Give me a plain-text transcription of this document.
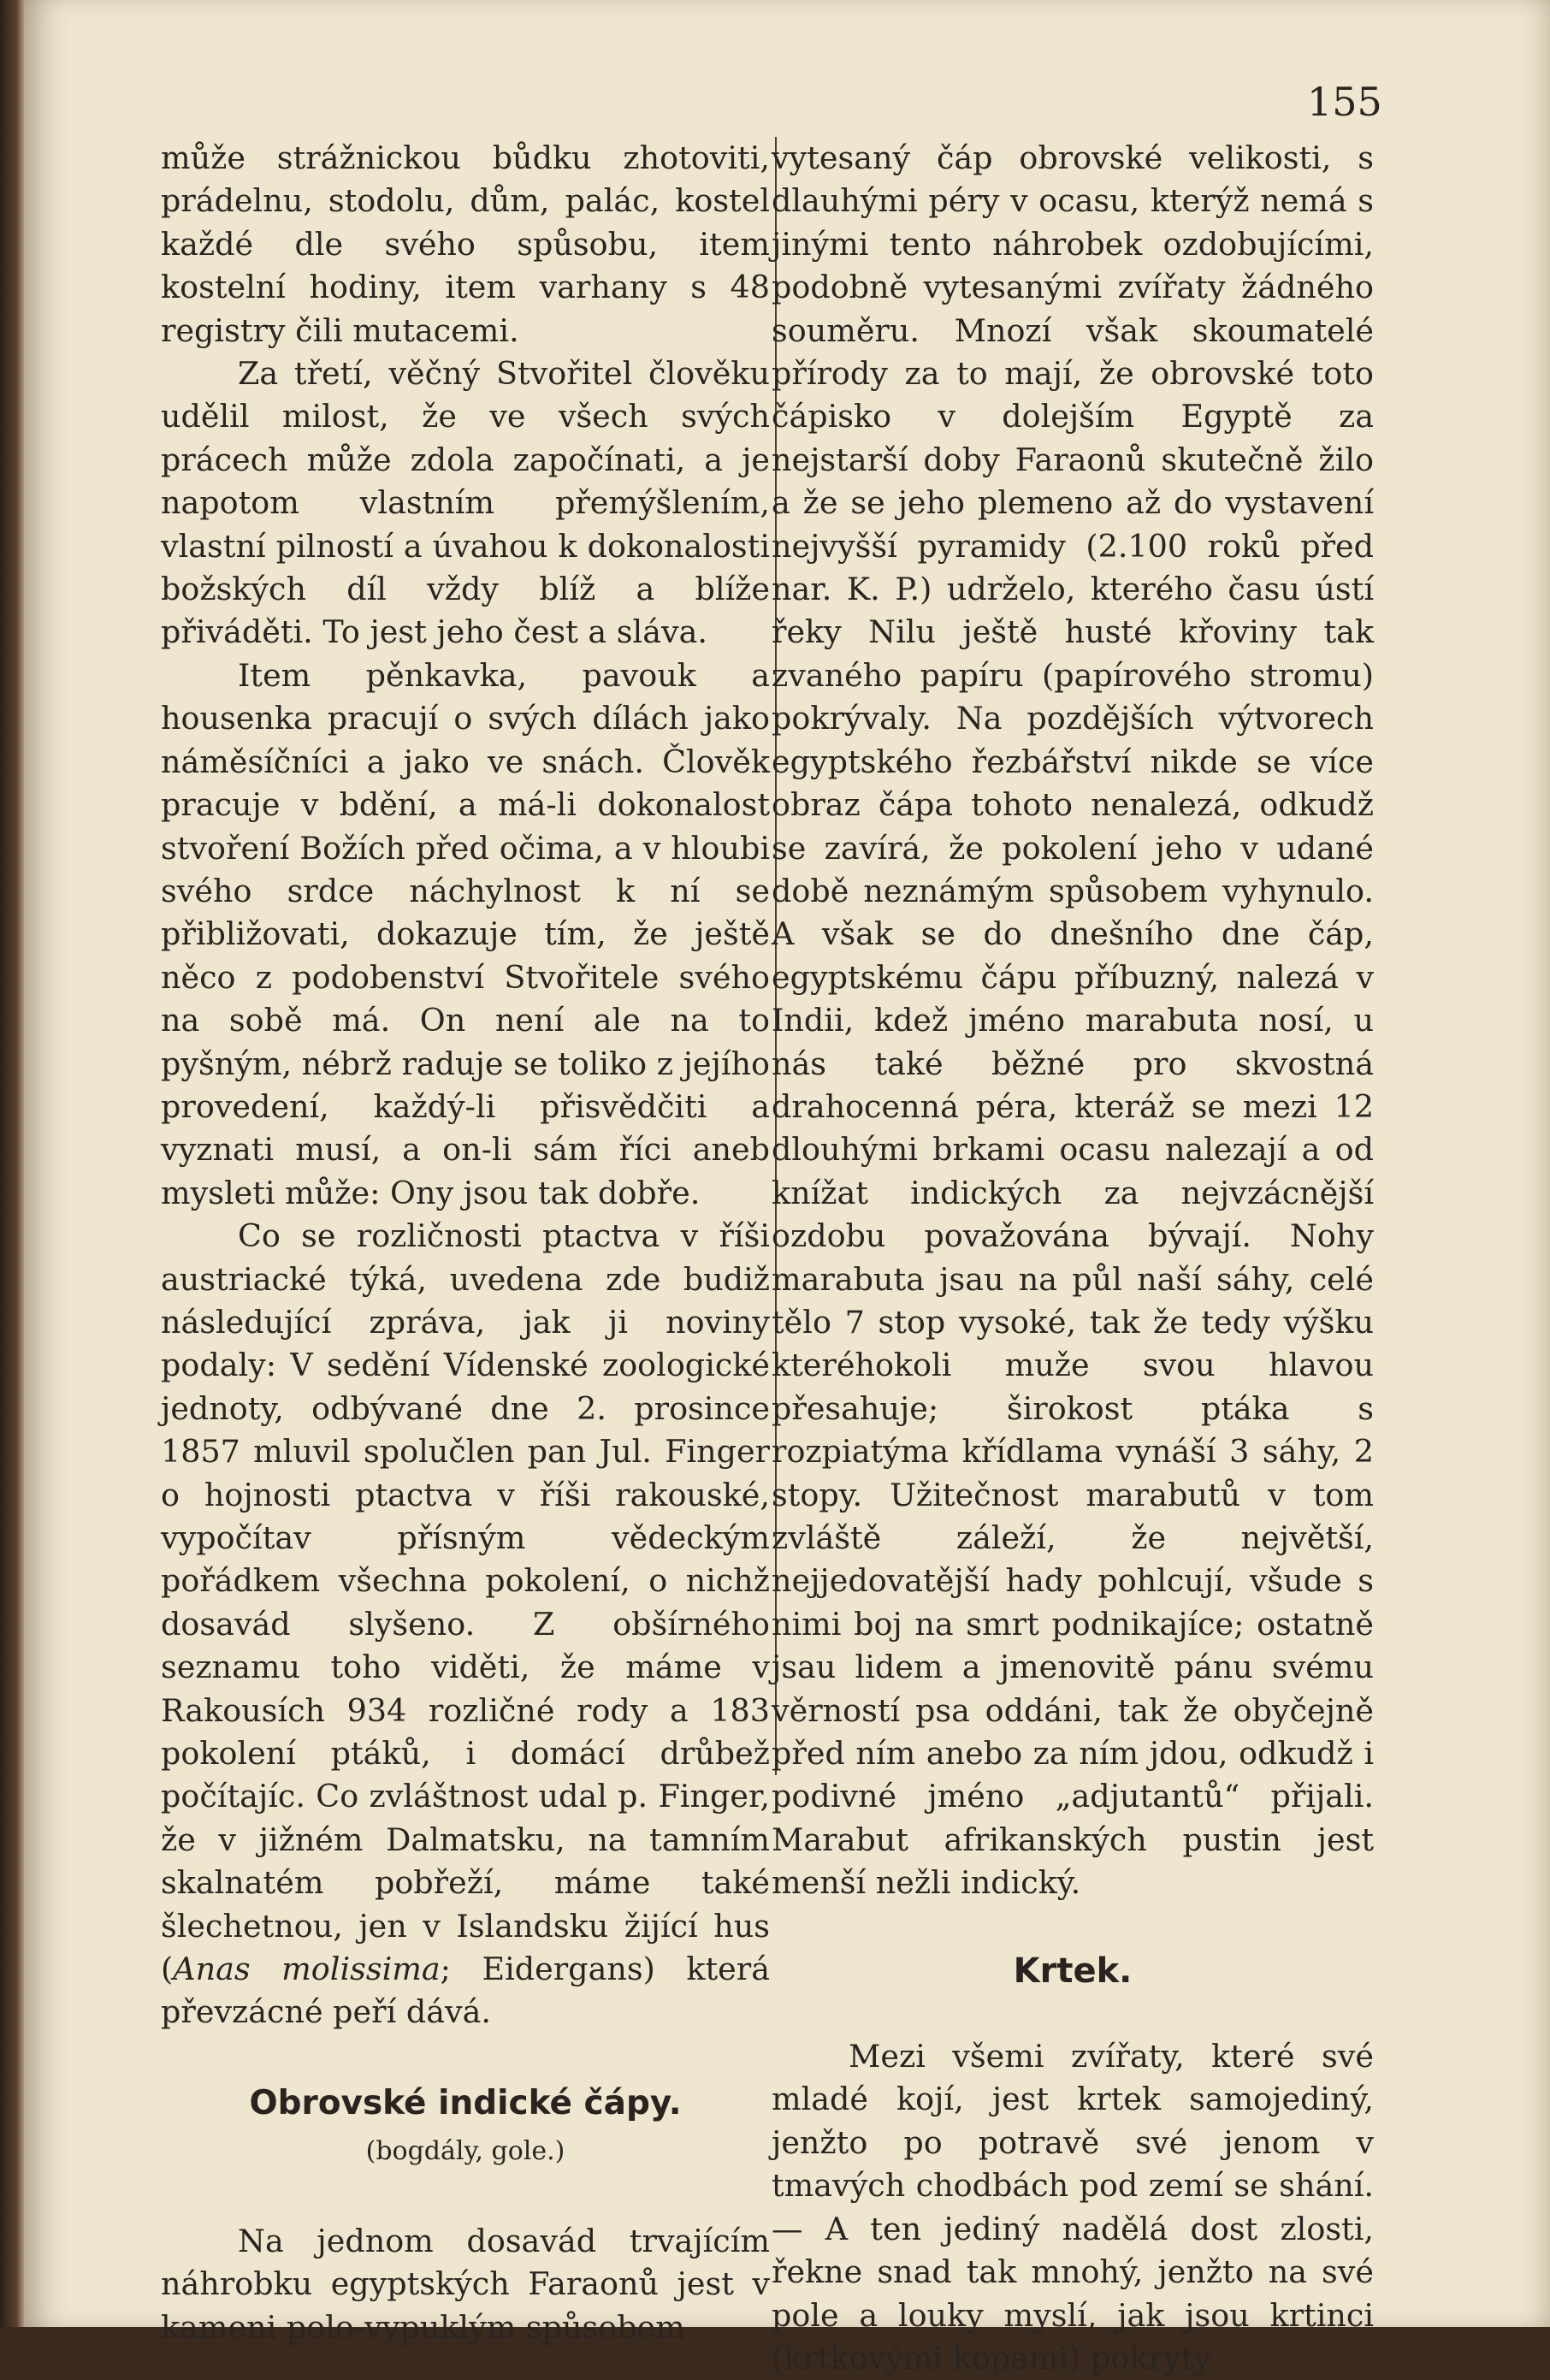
155

může strážnickou bůdku zhotoviti, prádelnu, stodolu, dům, palác, kostel každé dle svého spůsobu, item kostelní hodiny, item varhany s 48 registry čili mutacemi.

Za třetí, věčný Stvořitel člověku udělil milost, že ve všech svých prácech může zdola započínati, a je napotom vlastním přemýšlením, vlastní pilností a úvahou k dokonalosti božských díl vždy blíž a blíže přiváděti. To jest jeho čest a sláva.

Item pěnkavka, pavouk a housenka pracují o svých dílách jako náměsíčníci a jako ve snách. Člověk pracuje v bdění, a má-li dokonalost stvoření Božích před očima, a v hloubi svého srdce náchylnost k ní se přibližovati, dokazuje tím, že ještě něco z podobenství Stvořitele svého na sobě má. On není ale na to pyšným, nébrž raduje se toliko z jejího provedení, každý-li přisvědčiti a vyznati musí, a on-li sám říci aneb mysleti může: Ony jsou tak dobře.

Co se rozličnosti ptactva v říši austriacké týká, uvedena zde budiž následující zpráva, jak ji noviny podaly: V sedění Vídenské zoologické jednoty, odbývané dne 2. prosince 1857 mluvil spolučlen pan Jul. Finger o hojnosti ptactva v říši rakouské, vypočítav přísným vědeckým pořádkem všechna pokolení, o nichž dosavád slyšeno. Z obšírného seznamu toho viděti, že máme v Rakousích 934 rozličné rody a 183 pokolení ptáků, i domácí drůbež počítajíc. Co zvláštnost udal p. Finger, že v jižném Dalmatsku, na tamním skalnatém pobřeží, máme také šlechetnou, jen v Islandsku žijící hus (Anas molissima; Eidergans) která převzácné peří dává.

Obrovské indické čápy.
(bogdály, gole.)

Na jednom dosavád trvajícím náhrobku egyptských Faraonů jest v kameni polo-vypuklým spůsobem

vytesaný čáp obrovské velikosti, s dlauhými péry v ocasu, kterýž nemá s jinými tento náhrobek ozdobujícími, podobně vytesanými zvířaty žádného souměru. Mnozí však skoumatelé přírody za to mají, že obrovské toto čápisko v dolejším Egyptě za nejstarší doby Faraonů skutečně žilo a že se jeho plemeno až do vystavení nejvyšší pyramidy (2.100 roků před nar. K. P.) udrželo, kterého času ústí řeky Nilu ještě husté křoviny tak zvaného papíru (papírového stromu) pokrývaly. Na pozdějších výtvorech egyptského řezbářství nikde se více obraz čápa tohoto nenalezá, odkudž se zavírá, že pokolení jeho v udané době neznámým spůsobem vyhynulo. A však se do dnešního dne čáp, egyptskému čápu příbuzný, nalezá v Indii, kdež jméno marabuta nosí, u nás také běžné pro skvostná drahocenná péra, kteráž se mezi 12 dlouhými brkami ocasu nalezají a od knížat indických za nejvzácnější ozdobu považována bývají. Nohy marabuta jsau na půl naší sáhy, celé tělo 7 stop vysoké, tak že tedy výšku kteréhokoli muže svou hlavou přesahuje; širokost ptáka s rozpiatýma křídlama vynáší 3 sáhy, 2 stopy. Užitečnost marabutů v tom zvláště záleží, že největší, nejjedovatější hady pohlcují, všude s nimi boj na smrt podnikajíce; ostatně jsau lidem a jmenovitě pánu svému věrností psa oddáni, tak že obyčejně před ním anebo za ním jdou, odkudž i podivné jméno „adjutantů“ přijali. Marabut afrikanských pustin jest menší nežli indický.

Krtek.

Mezi všemi zvířaty, které své mladé kojí, jest krtek samojediný, jenžto po potravě své jenom v tmavých chodbách pod zemí se shání. — A ten jediný nadělá dost zlosti, řekne snad tak mnohý, jenžto na své pole a louky myslí, jak jsou krtinci (krtkovými kopami) pokryty
